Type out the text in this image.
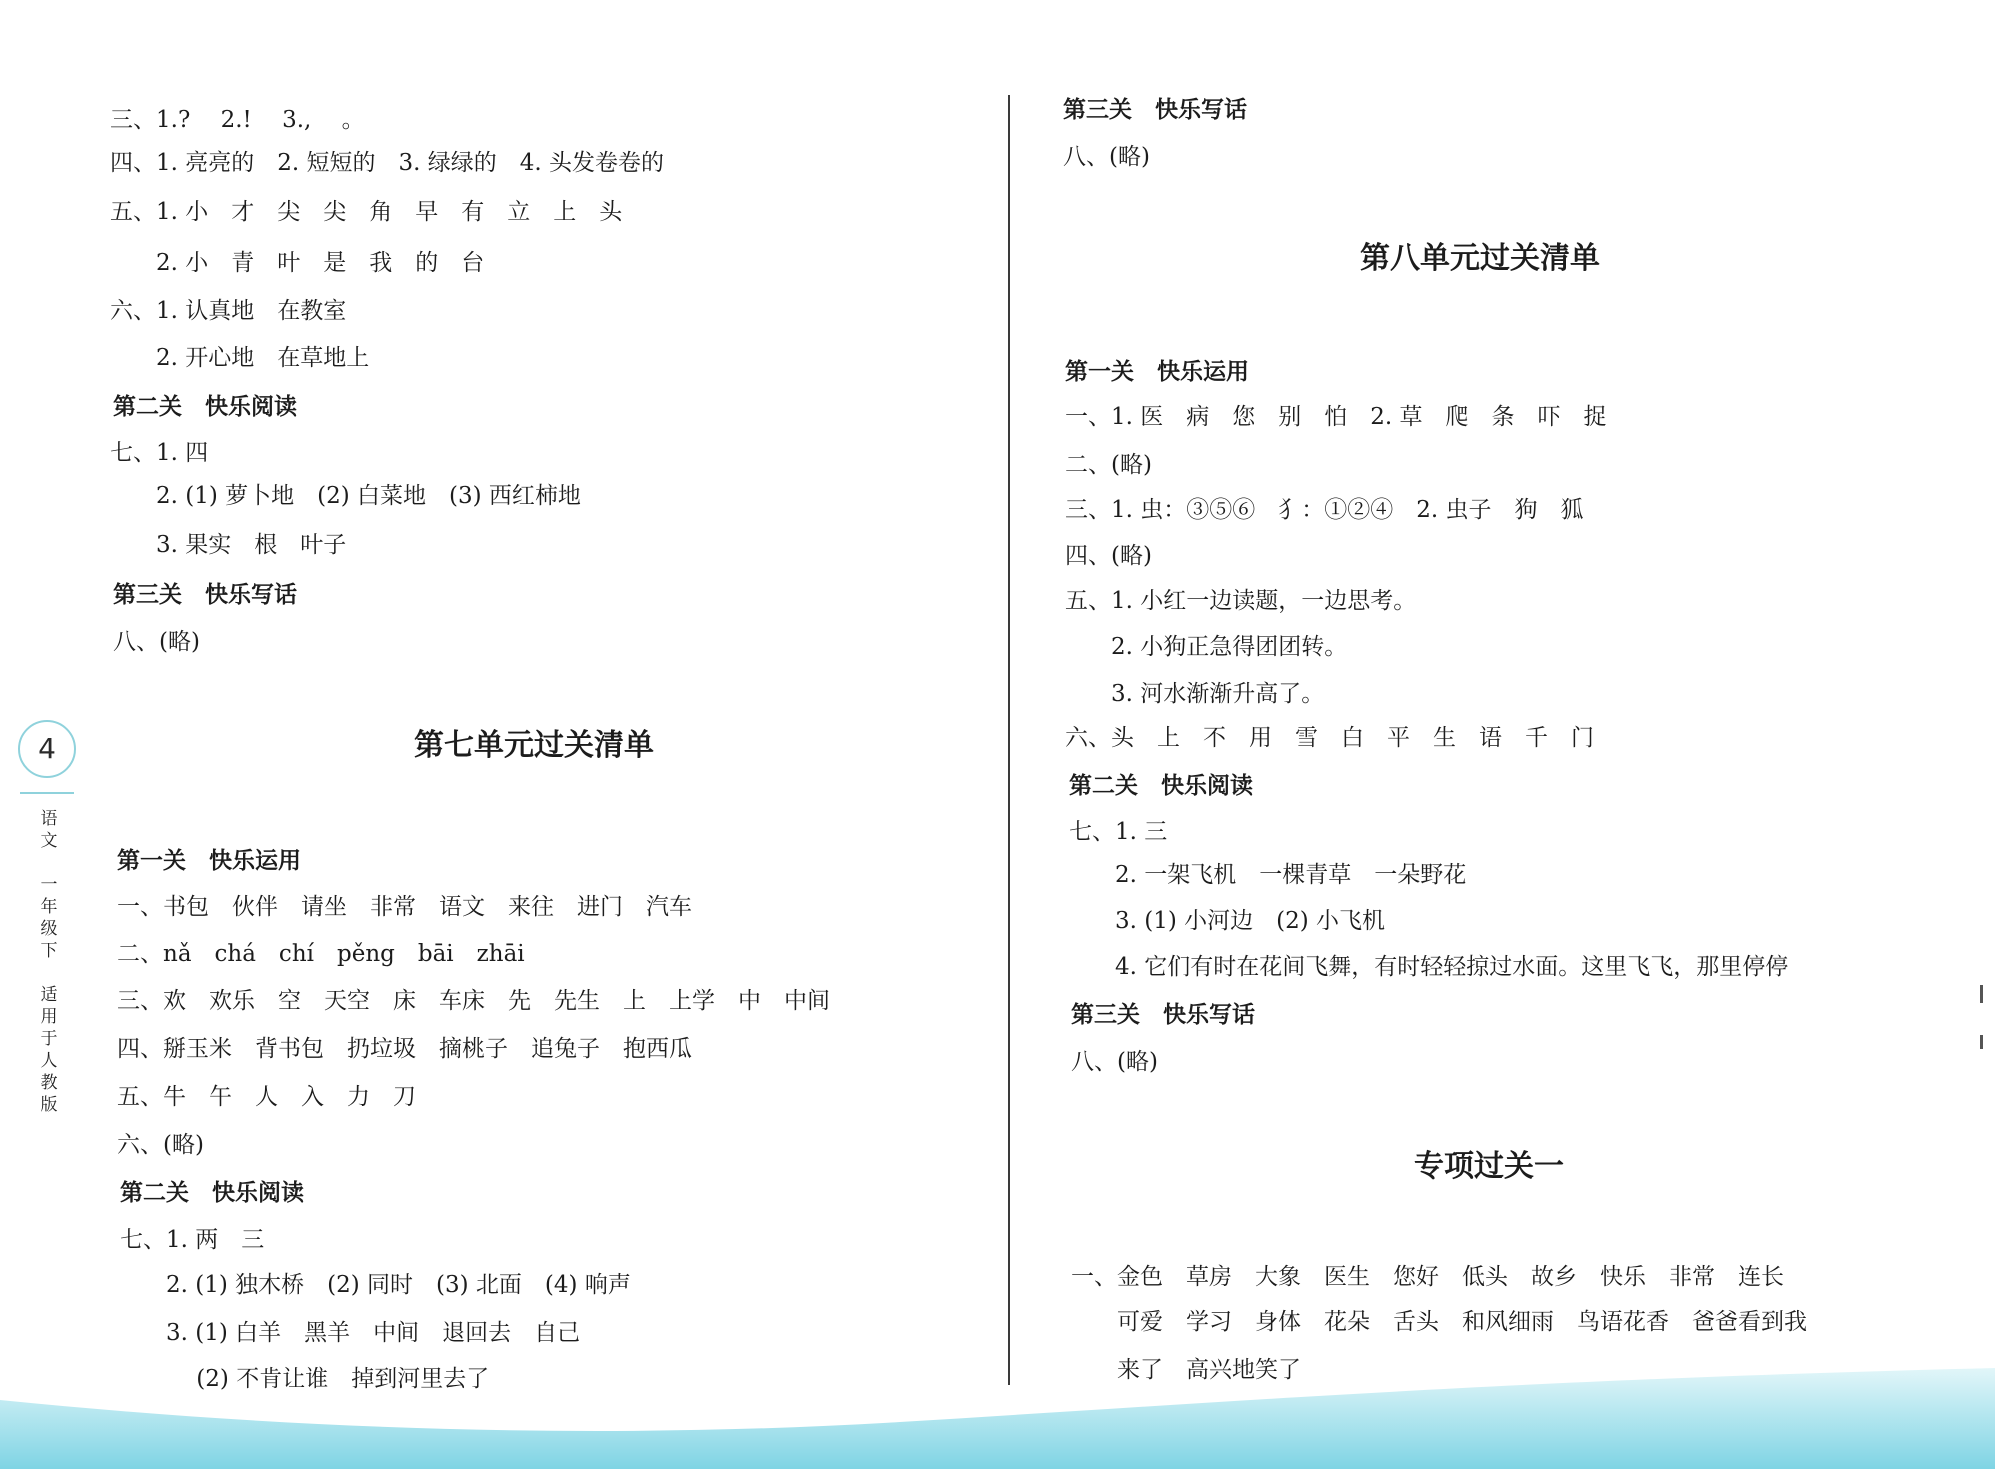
4
语
文

一
年
级
下

适
用
于
人
教
版
三、1.?　 2.!　 3.,　 。
四、1. 亮亮的　2. 短短的　3. 绿绿的　4. 头发卷卷的
五、1. 小　才　尖　尖　角　早　有　立　上　头
　　2. 小　青　叶　是　我　的　台
六、1. 认真地　在教室
　　2. 开心地　在草地上
第二关　快乐阅读
七、1. 四
　　2. (1) 萝卜地　(2) 白菜地　(3) 西红柿地
　　3. 果实　根　叶子
第三关　快乐写话
八、(略)
第七单元过关清单
第一关　快乐运用
一、书包　伙伴　请坐　非常　语文　来往　进门　汽车
二、nǎ　chá　chí　pěng　bāi　zhāi
三、欢　欢乐　空　天空　床　车床　先　先生　上　上学　中　中间
四、掰玉米　背书包　扔垃圾　摘桃子　追兔子　抱西瓜
五、牛　午　人　入　力　刀
六、(略)
第二关　快乐阅读
七、1. 两　三
　　2. (1) 独木桥　(2) 同时　(3) 北面　(4) 响声
　　3. (1) 白羊　黑羊　中间　退回去　自己
　　　 (2) 不肯让谁　掉到河里去了
第三关　快乐写话
八、(略)
第八单元过关清单
第一关　快乐运用
一、1. 医　病　您　别　怕　2. 草　爬　条　吓　捉
二、(略)
三、1. 虫：③⑤⑥　犭：①②④　2. 虫子　狗　狐
四、(略)
五、1. 小红一边读题，一边思考。
　　2. 小狗正急得团团转。
　　3. 河水渐渐升高了。
六、头　上　不　用　雪　白　平　生　语　千　门
第二关　快乐阅读
七、1. 三
　　2. 一架飞机　一棵青草　一朵野花
　　3. (1) 小河边　(2) 小飞机
　　4. 它们有时在花间飞舞，有时轻轻掠过水面。这里飞飞，那里停停
第三关　快乐写话
八、(略)
专项过关一
一、金色　草房　大象　医生　您好　低头　故乡　快乐　非常　连长
　　可爱　学习　身体　花朵　舌头　和风细雨　鸟语花香　爸爸看到我
　　来了　高兴地笑了
